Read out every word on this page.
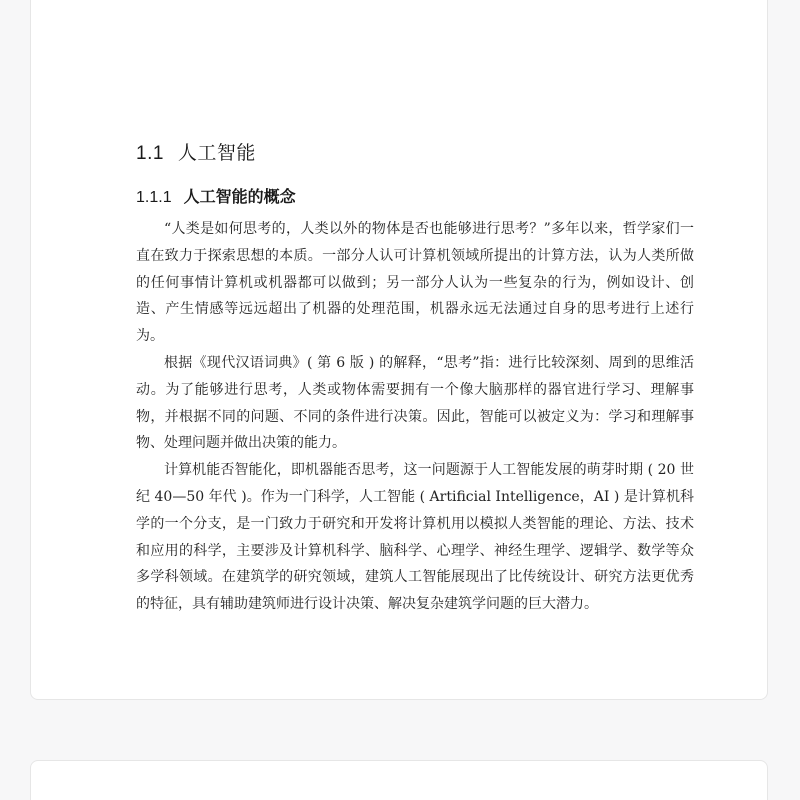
1.1 人工智能
1.1.1 人工智能的概念

“人类是如何思考的，人类以外的物体是否也能够进行思考？”多年以来，哲学家们一直在致力于探索思想的本质。一部分人认可计算机领域所提出的计算方法，认为人类所做的任何事情计算机或机器都可以做到；另一部分人认为一些复杂的行为，例如设计、创造、产生情感等远远超出了机器的处理范围，机器永远无法通过自身的思考进行上述行为。

根据《现代汉语词典》( 第 6 版 ) 的解释，“思考”指：进行比较深刻、周到的思维活动。为了能够进行思考，人类或物体需要拥有一个像大脑那样的器官进行学习、理解事物，并根据不同的问题、不同的条件进行决策。因此，智能可以被定义为：学习和理解事物、处理问题并做出决策的能力。

计算机能否智能化，即机器能否思考，这一问题源于人工智能发展的萌芽时期 ( 20 世纪 40—50 年代 )。作为一门科学，人工智能 ( Artificial Intelligence，AI ) 是计算机科学的一个分支，是一门致力于研究和开发将计算机用以模拟人类智能的理论、方法、技术和应用的科学，主要涉及计算机科学、脑科学、心理学、神经生理学、逻辑学、数学等众多学科领域。在建筑学的研究领域，建筑人工智能展现出了比传统设计、研究方法更优秀的特征，具有辅助建筑师进行设计决策、解决复杂建筑学问题的巨大潜力。
